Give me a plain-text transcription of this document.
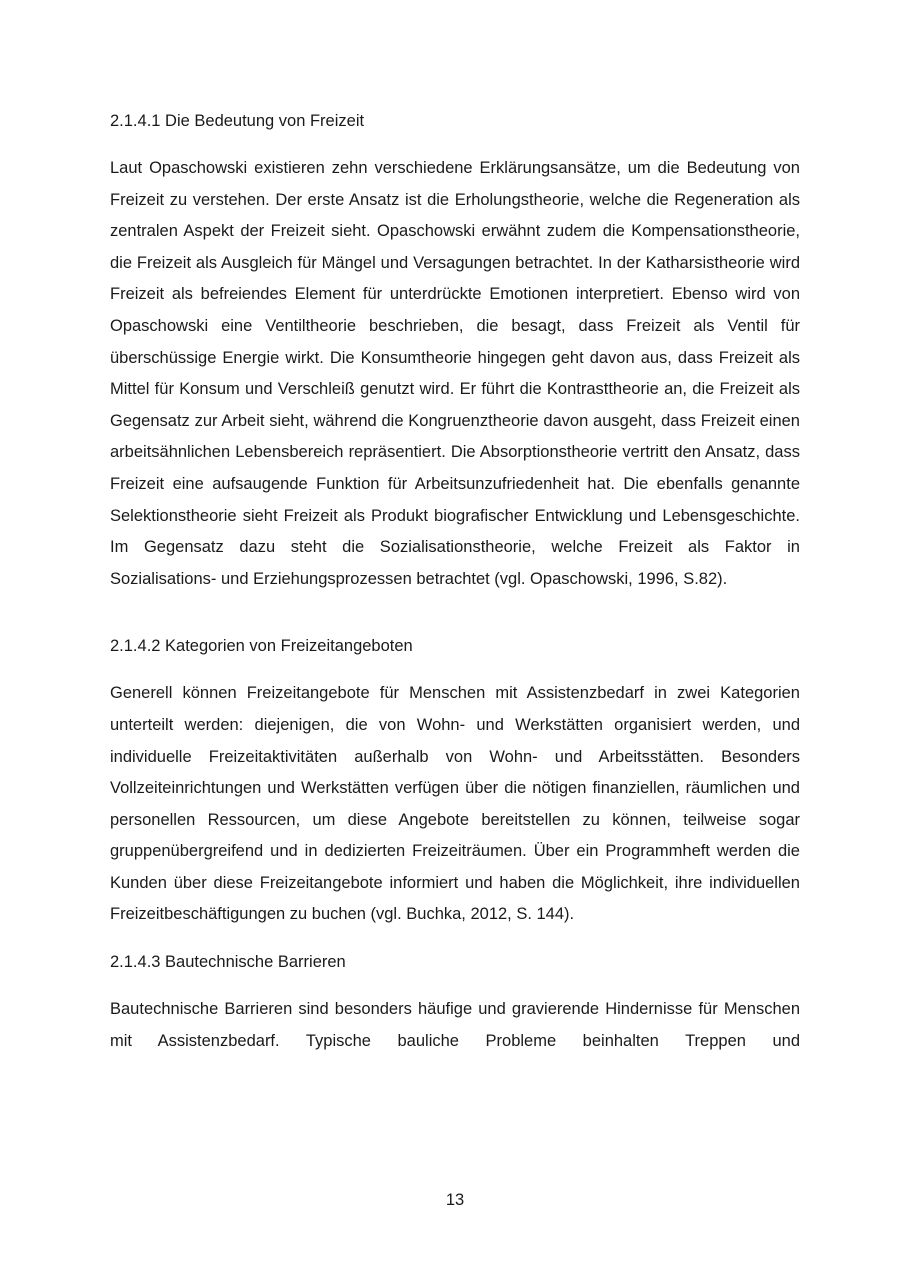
2.1.4.1 Die Bedeutung von Freizeit

Laut Opaschowski existieren zehn verschiedene Erklärungsansätze, um die Bedeutung von Freizeit zu verstehen. Der erste Ansatz ist die Erholungstheorie, welche die Regeneration als zentralen Aspekt der Freizeit sieht. Opaschowski erwähnt zudem die Kompensationstheorie, die Freizeit als Ausgleich für Mängel und Versagungen betrachtet. In der Katharsistheorie wird Freizeit als befreiendes Element für unterdrückte Emotionen interpretiert. Ebenso wird von Opaschowski eine Ventiltheorie beschrieben, die besagt, dass Freizeit als Ventil für überschüssige Energie wirkt. Die Konsumtheorie hingegen geht davon aus, dass Freizeit als Mittel für Konsum und Verschleiß genutzt wird. Er führt die Kontrasttheorie an, die Freizeit als Gegensatz zur Arbeit sieht, während die Kongruenztheorie davon ausgeht, dass Freizeit einen arbeitsähnlichen Lebensbereich repräsentiert. Die Absorptionstheorie vertritt den Ansatz, dass Freizeit eine aufsaugende Funktion für Arbeitsunzufriedenheit hat. Die ebenfalls genannte Selektionstheorie sieht Freizeit als Produkt biografischer Entwicklung und Lebensgeschichte. Im Gegensatz dazu steht die Sozialisationstheorie, welche Freizeit als Faktor in Sozialisations- und Erziehungsprozessen betrachtet (vgl. Opaschowski, 1996, S.82).

2.1.4.2 Kategorien von Freizeitangeboten

Generell können Freizeitangebote für Menschen mit Assistenzbedarf in zwei Kategorien unterteilt werden: diejenigen, die von Wohn- und Werkstätten organisiert werden, und individuelle Freizeitaktivitäten außerhalb von Wohn- und Arbeitsstätten. Besonders Vollzeiteinrichtungen und Werkstätten verfügen über die nötigen finanziellen, räumlichen und personellen Ressourcen, um diese Angebote bereitstellen zu können, teilweise sogar gruppenübergreifend und in dedizierten Freizeiträumen. Über ein Programmheft werden die Kunden über diese Freizeitangebote informiert und haben die Möglichkeit, ihre individuellen Freizeitbeschäftigungen zu buchen (vgl. Buchka, 2012, S. 144).

2.1.4.3 Bautechnische Barrieren

Bautechnische Barrieren sind besonders häufige und gravierende Hindernisse für Menschen mit Assistenzbedarf. Typische bauliche Probleme beinhalten Treppen und

13
